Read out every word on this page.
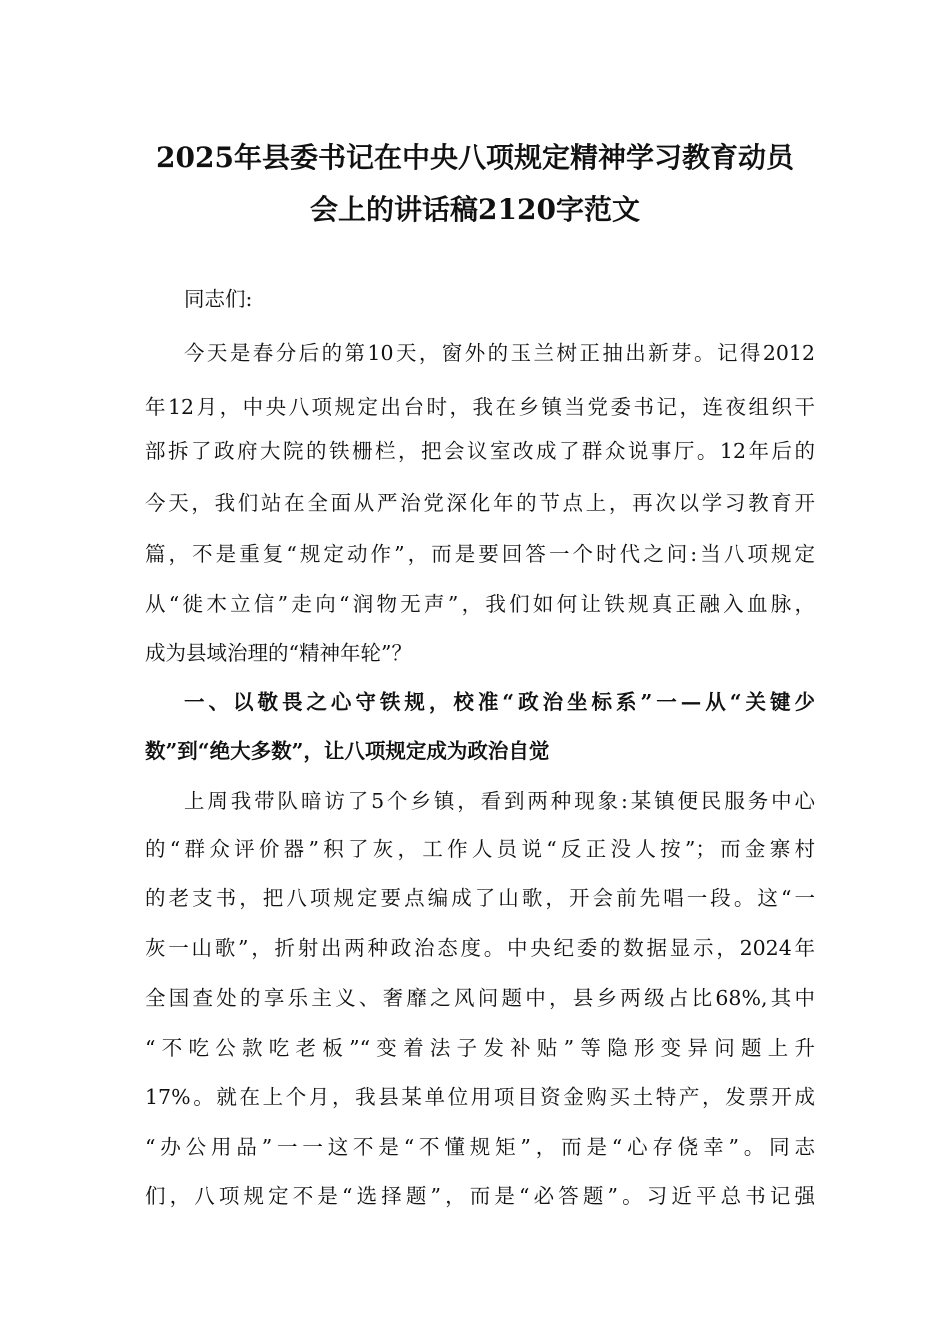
2025年县委书记在中央八项规定精神学习教育动员
会上的讲话稿2120字范文
同志们:
今天是春分后的第10天，窗外的玉兰树正抽出新芽。记得2012
年12月，中央八项规定出台时，我在乡镇当党委书记，连夜组织干
部拆了政府大院的铁栅栏，把会议室改成了群众说事厅。12年后的
今天，我们站在全面从严治党深化年的节点上，再次以学习教育开
篇，不是重复“规定动作”，而是要回答一个时代之问:当八项规定
从“徙木立信”走向“润物无声”，我们如何让铁规真正融入血脉，
成为县域治理的“精神年轮”？
一、以敬畏之心守铁规，校准“政治坐标系”一—从“关键少
数”到“绝大多数”，让八项规定成为政治自觉
上周我带队暗访了5个乡镇，看到两种现象:某镇便民服务中心
的“群众评价器”积了灰，工作人员说“反正没人按”；而金寨村
的老支书，把八项规定要点编成了山歌，开会前先唱一段。这“一
灰一山歌”，折射出两种政治态度。中央纪委的数据显示，2024年
全国查处的享乐主义、奢靡之风问题中，县乡两级占比68%,其中
“不吃公款吃老板”“变着法子发补贴”等隐形变异问题上升
17%。就在上个月，我县某单位用项目资金购买土特产，发票开成
“办公用品”一一这不是“不懂规矩”，而是“心存侥幸”。同志
们，八项规定不是“选择题”，而是“必答题”。习近平总书记强
